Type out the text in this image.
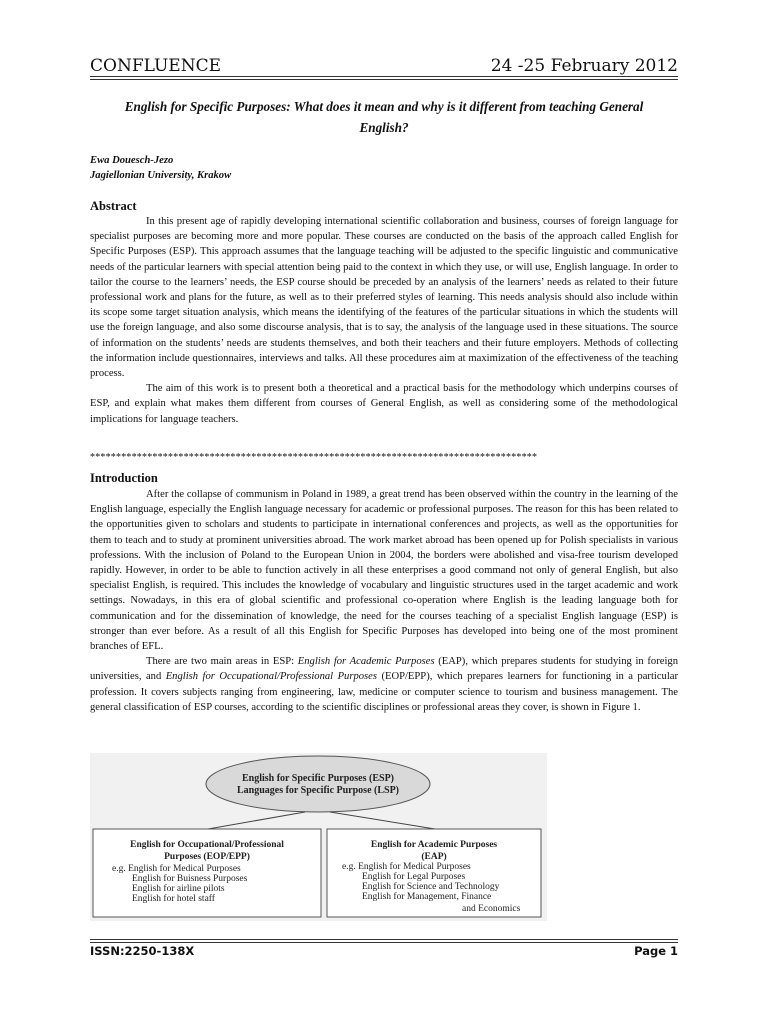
CONFLUENCE	24 -25 February 2012
English for Specific Purposes: What does it mean and why is it different from teaching General English?
Ewa Douesch-Jezo
Jagiellonian University, Krakow
Abstract

In this present age of rapidly developing international scientific collaboration and business, courses of foreign language for specialist purposes are becoming more and more popular. These courses are conducted on the basis of the approach called English for Specific Purposes (ESP). This approach assumes that the language teaching will be adjusted to the specific linguistic and communicative needs of the particular learners with special attention being paid to the context in which they use, or will use, English language. In order to tailor the course to the learners’ needs, the ESP course should be preceded by an analysis of the learners’ needs as related to their future professional work and plans for the future, as well as to their preferred styles of learning. This needs analysis should also include within its scope some target situation analysis, which means the identifying of the features of the particular situations in which the students will use the foreign language, and also some discourse analysis, that is to say, the analysis of the language used in these situations. The source of information on the students’ needs are students themselves, and both their teachers and their future employers. Methods of collecting the information include questionnaires, interviews and talks. All these procedures aim at maximization of the effectiveness of the teaching process.

The aim of this work is to present both a theoretical and a practical basis for the methodology which underpins courses of ESP, and explain what makes them different from courses of General English, as well as considering some of the methodological implications for language teachers.

**************************************************************************************
Introduction

After the collapse of communism in Poland in 1989, a great trend has been observed within the country in the learning of the English language, especially the English language necessary for academic or professional purposes. The reason for this has been related to the opportunities given to scholars and students to participate in international conferences and projects, as well as the opportunities for them to teach and to study at prominent universities abroad. The work market abroad has been opened up for Polish specialists in various professions. With the inclusion of Poland to the European Union in 2004, the borders were abolished and visa-free tourism developed rapidly. However, in order to be able to function actively in all these enterprises a good command not only of general English, but also specialist English, is required. This includes the knowledge of vocabulary and linguistic structures used in the target academic and work settings. Nowadays, in this era of global scientific and professional co-operation where English is the leading language both for communication and for the dissemination of knowledge, the need for the courses teaching of a specialist English language (ESP) is stronger than ever before. As a result of all this English for Specific Purposes has developed into being one of the most prominent branches of EFL.

There are two main areas in ESP: English for Academic Purposes (EAP), which prepares students for studying in foreign universities, and English for Occupational/Professional Purposes (EOP/EPP), which prepares learners for functioning in a particular profession. It covers subjects ranging from engineering, law, medicine or computer science to tourism and business management. The general classification of ESP courses, according to the scientific disciplines or professional areas they cover, is shown in Figure 1.

English for Specific Purposes (ESP)
Languages for Specific Purpose (LSP)
English for Occupational/Professional
Purposes (EOP/EPP)
e.g. English for Medical Purposes
English for Buisness Purposes
English for airline pilots
English for hotel staff
English for Academic Purposes
(EAP)
e.g. English for Medical Purposes
English for Legal Purposes
English for Science and Technology
English for Management, Finance
and Economics
ISSN:2250-138X	Page 1
